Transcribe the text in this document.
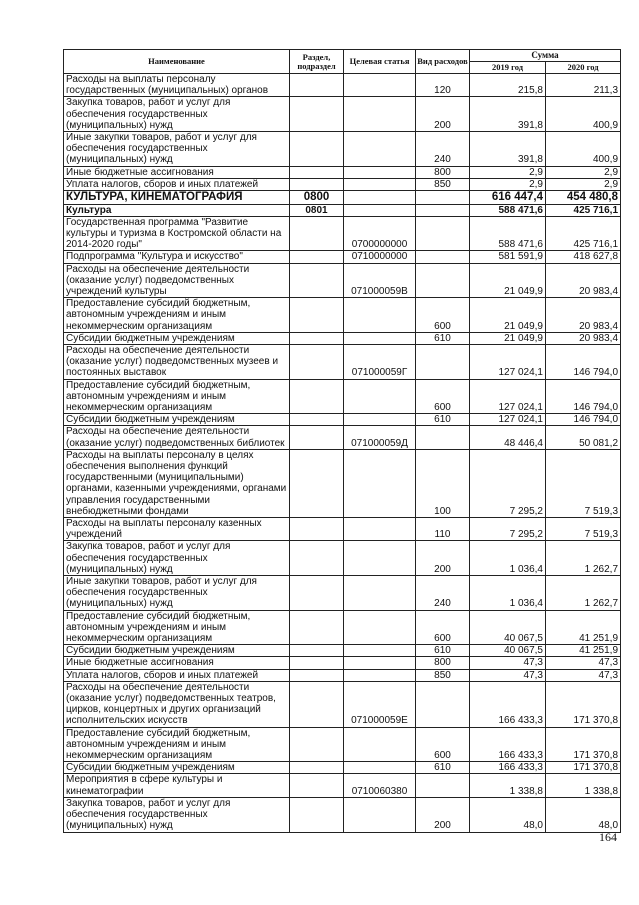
Наименование	Раздел, подраздел	Целевая статья	Вид расходов	Сумма	
				2019 год	2020 год
Расходы на выплаты персоналу государственных (муниципальных) органов			120	215,8	211,3
Закупка товаров, работ и услуг для обеспечения государственных (муниципальных) нужд			200	391,8	400,9
Иные закупки товаров, работ и услуг для обеспечения государственных (муниципальных) нужд			240	391,8	400,9
Иные бюджетные ассигнования			800	2,9	2,9
Уплата налогов, сборов и иных платежей			850	2,9	2,9
КУЛЬТУРА, КИНЕМАТОГРАФИЯ	0800			616 447,4	454 480,8
Культура	0801			588 471,6	425 716,1
Государственная программа "Развитие культуры и туризма в Костромской области на 2014-2020 годы"		0700000000		588 471,6	425 716,1
Подпрограмма "Культура и искусство"		0710000000		581 591,9	418 627,8
Расходы на обеспечение деятельности (оказание услуг) подведомственных учреждений культуры		071000059В		21 049,9	20 983,4
Предоставление субсидий бюджетным, автономным учреждениям и иным некоммерческим организациям			600	21 049,9	20 983,4
Субсидии бюджетным учреждениям			610	21 049,9	20 983,4
Расходы на обеспечение деятельности (оказание услуг) подведомственных музеев и постоянных выставок		071000059Г		127 024,1	146 794,0
Предоставление субсидий бюджетным, автономным учреждениям и иным некоммерческим организациям			600	127 024,1	146 794,0
Субсидии бюджетным учреждениям			610	127 024,1	146 794,0
Расходы на обеспечение деятельности (оказание услуг) подведомственных библиотек		071000059Д		48 446,4	50 081,2
Расходы на выплаты персоналу в целях обеспечения выполнения функций государственными (муниципальными) органами, казенными учреждениями, органами управления государственными внебюджетными фондами			100	7 295,2	7 519,3
Расходы на выплаты персоналу казенных учреждений			110	7 295,2	7 519,3
Закупка товаров, работ и услуг для обеспечения государственных (муниципальных) нужд			200	1 036,4	1 262,7
Иные закупки товаров, работ и услуг для обеспечения государственных (муниципальных) нужд			240	1 036,4	1 262,7
Предоставление субсидий бюджетным, автономным учреждениям и иным некоммерческим организациям			600	40 067,5	41 251,9
Субсидии бюджетным учреждениям			610	40 067,5	41 251,9
Иные бюджетные ассигнования			800	47,3	47,3
Уплата налогов, сборов и иных платежей			850	47,3	47,3
Расходы на обеспечение деятельности (оказание услуг) подведомственных театров, цирков, концертных и других организаций исполнительских искусств		071000059Е		166 433,3	171 370,8
Предоставление субсидий бюджетным, автономным учреждениям и иным некоммерческим организациям			600	166 433,3	171 370,8
Субсидии бюджетным учреждениям			610	166 433,3	171 370,8
Мероприятия в сфере культуры и кинематографии		0710060380		1 338,8	1 338,8
Закупка товаров, работ и услуг для обеспечения государственных (муниципальных) нужд			200	48,0	48,0
164
